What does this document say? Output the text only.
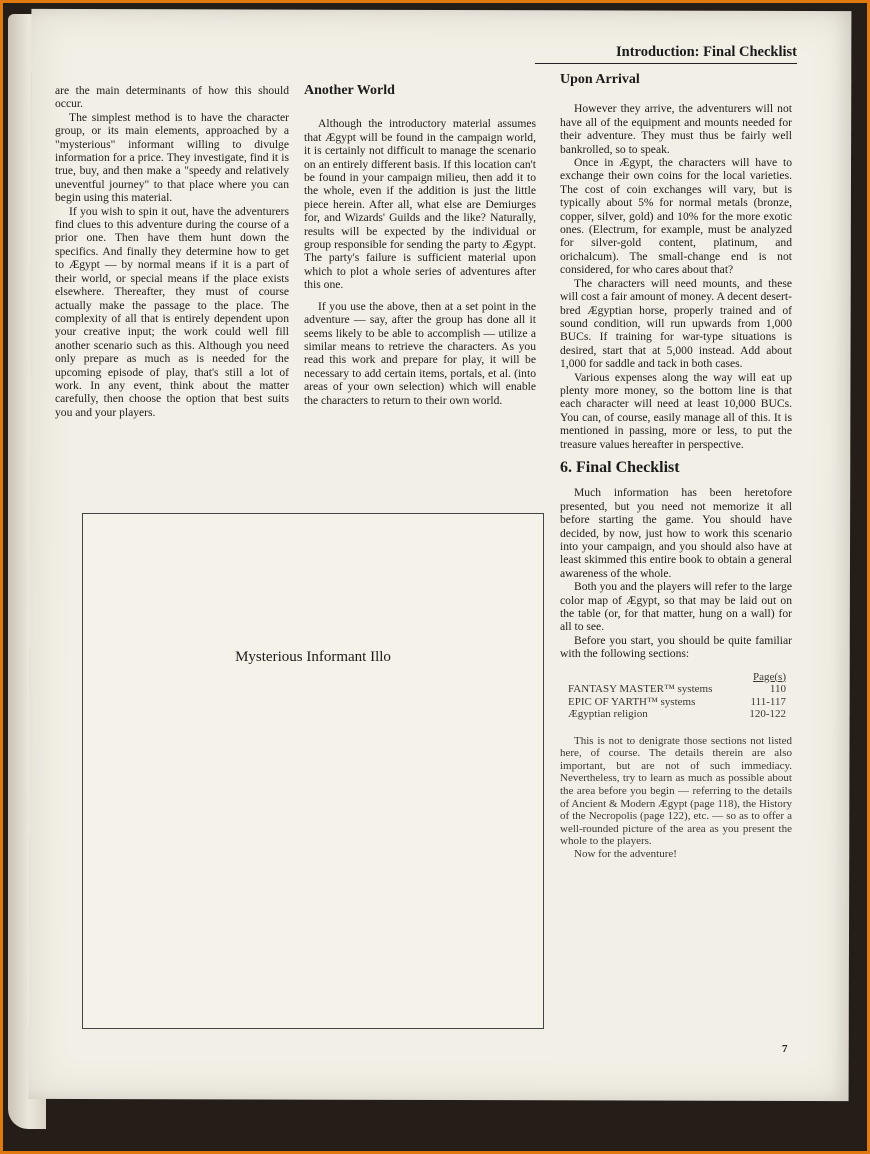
Introduction: Final Checklist

are the main determinants of how this should occur.

The simplest method is to have the character group, or its main elements, approached by a "mysterious" informant willing to divulge information for a price. They investigate, find it is true, buy, and then make a "speedy and relatively uneventful journey" to that place where you can begin using this material.

If you wish to spin it out, have the adventurers find clues to this adventure during the course of a prior one. Then have them hunt down the specifics. And finally they determine how to get to Ægypt — by normal means if it is a part of their world, or special means if the place exists elsewhere. Thereafter, they must of course actually make the passage to the place. The complexity of all that is entirely dependent upon your creative input; the work could well fill another scenario such as this. Although you need only prepare as much as is needed for the upcoming episode of play, that's still a lot of work. In any event, think about the matter carefully, then choose the option that best suits you and your players.

Another World

Although the introductory material assumes that Ægypt will be found in the campaign world, it is certainly not difficult to manage the scenario on an entirely different basis. If this location can't be found in your campaign milieu, then add it to the whole, even if the addition is just the little piece herein. After all, what else are Demiurges for, and Wizards' Guilds and the like? Naturally, results will be expected by the individual or group responsible for sending the party to Ægypt. The party's failure is sufficient material upon which to plot a whole series of adventures after this one.

If you use the above, then at a set point in the adventure — say, after the group has done all it seems likely to be able to accomplish — utilize a similar means to retrieve the characters. As you read this work and prepare for play, it will be necessary to add certain items, portals, et al. (into areas of your own selection) which will enable the characters to return to their own world.

Upon Arrival

However they arrive, the adventurers will not have all of the equipment and mounts needed for their adventure. They must thus be fairly well bankrolled, so to speak.

Once in Ægypt, the characters will have to exchange their own coins for the local varieties. The cost of coin exchanges will vary, but is typically about 5% for normal metals (bronze, copper, silver, gold) and 10% for the more exotic ones. (Electrum, for example, must be analyzed for silver-gold content, platinum, and orichalcum). The small-change end is not considered, for who cares about that?

The characters will need mounts, and these will cost a fair amount of money. A decent desert-bred Ægyptian horse, properly trained and of sound condition, will run upwards from 1,000 BUCs. If training for war-type situations is desired, start that at 5,000 instead. Add about 1,000 for saddle and tack in both cases.

Various expenses along the way will eat up plenty more money, so the bottom line is that each character will need at least 10,000 BUCs. You can, of course, easily manage all of this. It is mentioned in passing, more or less, to put the treasure values hereafter in perspective.

6. Final Checklist

Much information has been heretofore presented, but you need not memorize it all before starting the game. You should have decided, by now, just how to work this scenario into your campaign, and you should also have at least skimmed this entire book to obtain a general awareness of the whole.

Both you and the players will refer to the large color map of Ægypt, so that may be laid out on the table (or, for that matter, hung on a wall) for all to see.

Before you start, you should be quite familiar with the following sections:

Page(s)
FANTASY MASTER™ systems	110
EPIC OF YARTH™ systems	111-117
Ægyptian religion	120-122

This is not to denigrate those sections not listed here, of course. The details therein are also important, but are not of such immediacy. Nevertheless, try to learn as much as possible about the area before you begin — referring to the details of Ancient & Modern Ægypt (page 118), the History of the Necropolis (page 122), etc. — so as to offer a well-rounded picture of the area as you present the whole to the players.

Now for the adventure!

Mysterious Informant Illo
7
